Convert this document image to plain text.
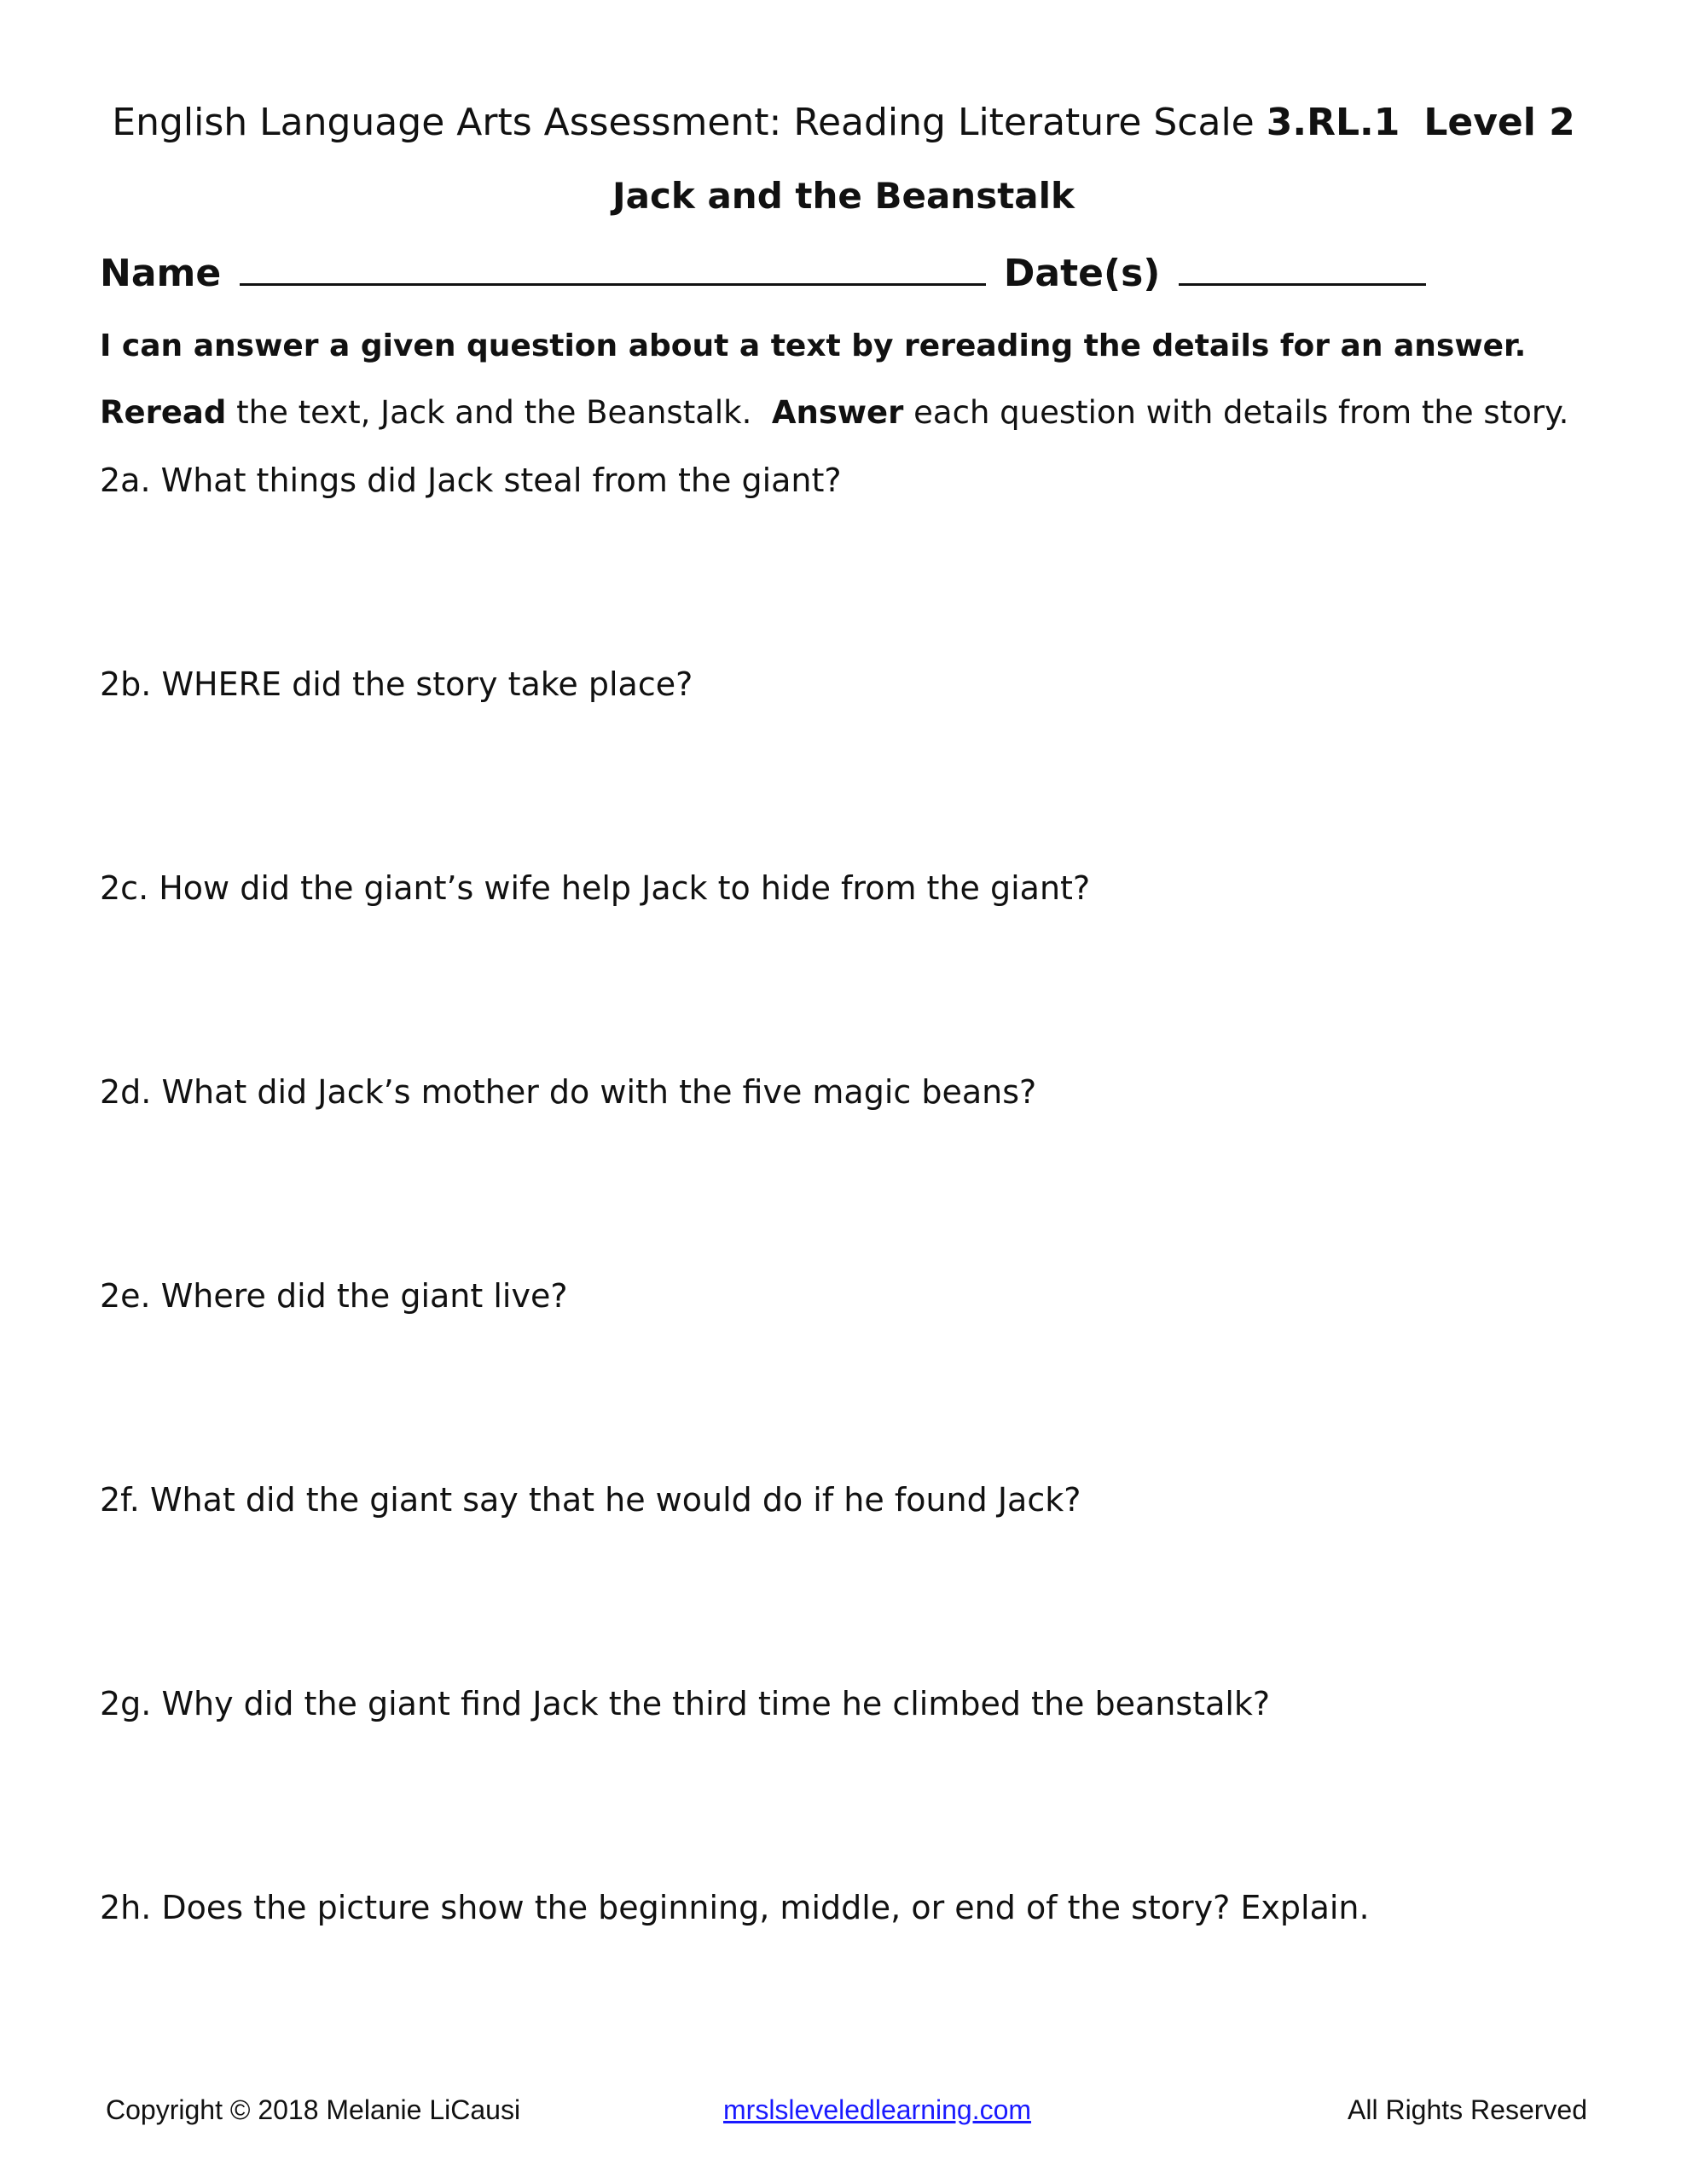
English Language Arts Assessment: Reading Literature Scale 3.RL.1 Level 2
Jack and the Beanstalk
Name	Date(s)
I can answer a given question about a text by rereading the details for an answer.
Reread the text, Jack and the Beanstalk.  Answer each question with details from the story.
2a. What things did Jack steal from the giant?
2b. WHERE did the story take place?
2c. How did the giant’s wife help Jack to hide from the giant?
2d. What did Jack’s mother do with the five magic beans?
2e. Where did the giant live?
2f. What did the giant say that he would do if he found Jack?
2g. Why did the giant find Jack the third time he climbed the beanstalk?
2h. Does the picture show the beginning, middle, or end of the story? Explain.
Copyright © 2018 Melanie LiCausi	mrslsleveledlearning.com	All Rights Reserved
